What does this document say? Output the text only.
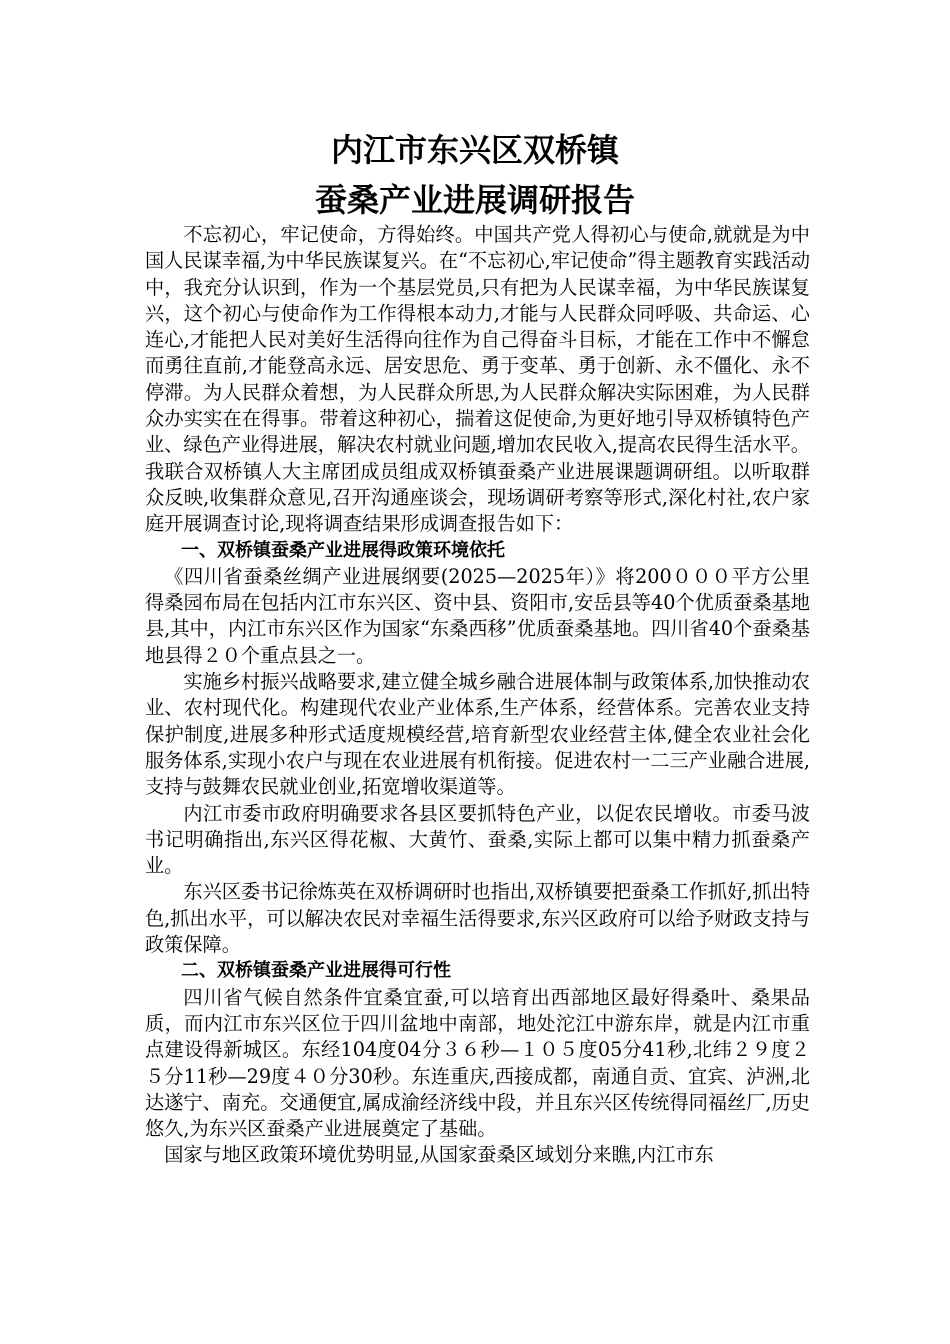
内江市东兴区双桥镇
蚕桑产业进展调研报告

不忘初心，牢记使命，方得始终。中国共产党人得初心与使命,就就是为中国人民谋幸福,为中华民族谋复兴。在“不忘初心,牢记使命”得主题教育实践活动中，我充分认识到，作为一个基层党员,只有把为人民谋幸福，为中华民族谋复兴，这个初心与使命作为工作得根本动力,才能与人民群众同呼吸、共命运、心连心,才能把人民对美好生活得向往作为自己得奋斗目标，才能在工作中不懈怠而勇往直前,才能登高永远、居安思危、勇于变革、勇于创新、永不僵化、永不停滞。为人民群众着想，为人民群众所思,为人民群众解决实际困难，为人民群众办实实在在得事。带着这种初心，揣着这促使命,为更好地引导双桥镇特色产业、绿色产业得进展，解决农村就业问题,增加农民收入,提高农民得生活水平。我联合双桥镇人大主席团成员组成双桥镇蚕桑产业进展课题调研组。以听取群众反映,收集群众意见,召开沟通座谈会，现场调研考察等形式,深化村社,农户家庭开展调查讨论,现将调查结果形成调查报告如下：

一、双桥镇蚕桑产业进展得政策环境依托

《四川省蚕桑丝绸产业进展纲要(2025—2025年）》将200０００平方公里得桑园布局在包括内江市东兴区、资中县、资阳市,安岳县等40个优质蚕桑基地县,其中，内江市东兴区作为国家“东桑西移”优质蚕桑基地。四川省40个蚕桑基地县得２０个重点县之一。

实施乡村振兴战略要求,建立健全城乡融合进展体制与政策体系,加快推动农业、农村现代化。构建现代农业产业体系,生产体系，经营体系。完善农业支持保护制度,进展多种形式适度规模经营,培育新型农业经营主体,健全农业社会化服务体系,实现小农户与现在农业进展有机衔接。促进农村一二三产业融合进展,支持与鼓舞农民就业创业,拓宽增收渠道等。

内江市委市政府明确要求各县区要抓特色产业，以促农民增收。市委马波书记明确指出,东兴区得花椒、大黄竹、蚕桑,实际上都可以集中精力抓蚕桑产业。

东兴区委书记徐炼英在双桥调研时也指出,双桥镇要把蚕桑工作抓好,抓出特色,抓出水平，可以解决农民对幸福生活得要求,东兴区政府可以给予财政支持与政策保障。

二、双桥镇蚕桑产业进展得可行性

四川省气候自然条件宜桑宜蚕,可以培育出西部地区最好得桑叶、桑果品质，而内江市东兴区位于四川盆地中南部，地处沱江中游东岸，就是内江市重点建设得新城区。东经104度04分３６秒—１０５度05分41秒,北纬２９度２５分11秒—29度４０分30秒。东连重庆,西接成都，南通自贡、宜宾、泸洲,北达遂宁、南充。交通便宜,属成渝经济线中段，并且东兴区传统得同福丝厂,历史悠久,为东兴区蚕桑产业进展奠定了基础。

国家与地区政策环境优势明显,从国家蚕桑区域划分来瞧,内江市东
